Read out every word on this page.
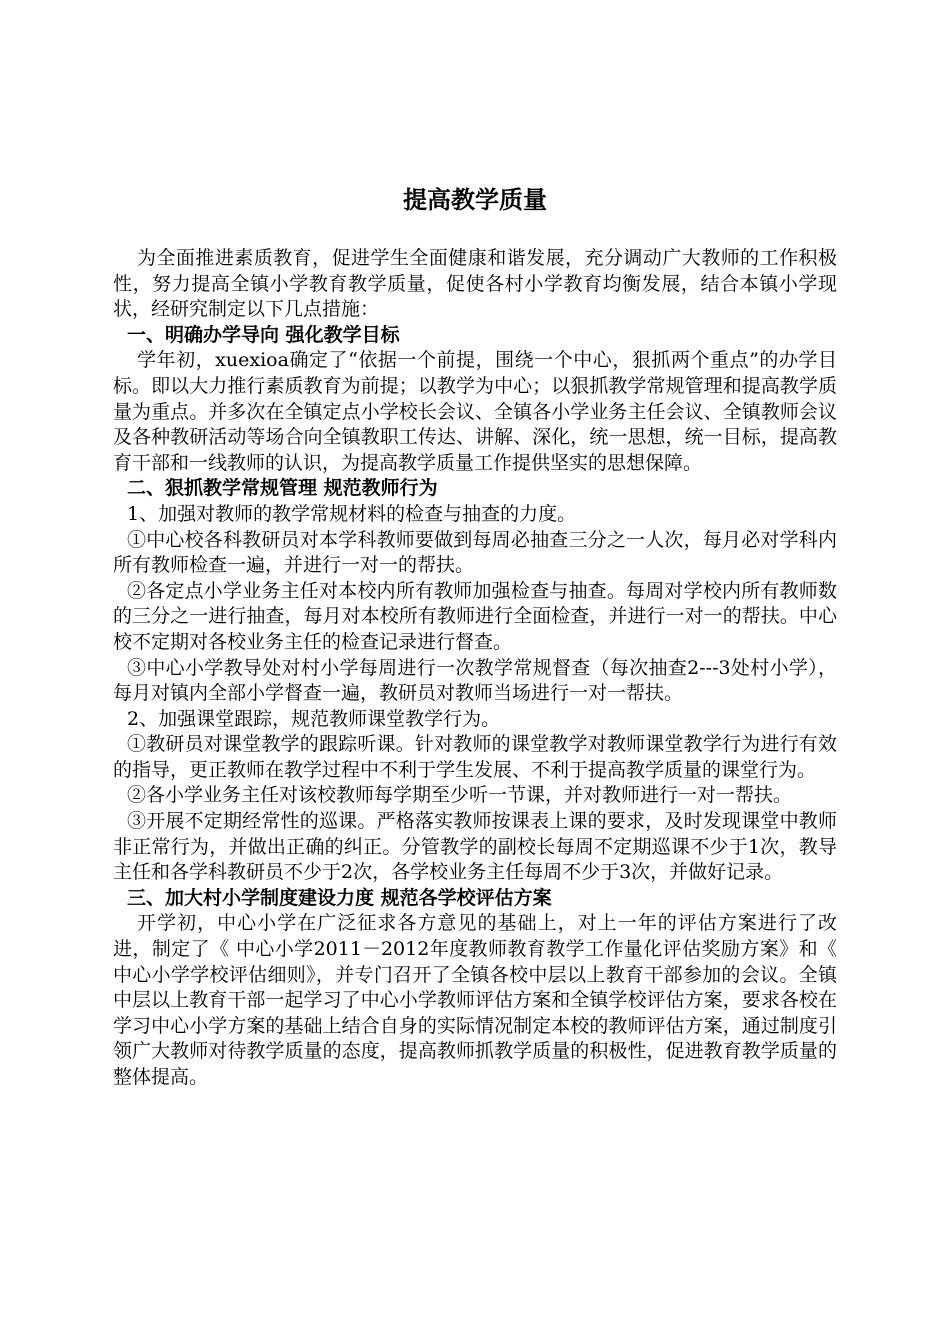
提高教学质量

为全面推进素质教育，促进学生全面健康和谐发展，充分调动广大教师的工作积极性，努力提高全镇小学教育教学质量，促使各村小学教育均衡发展，结合本镇小学现状，经研究制定以下几点措施：

一、明确办学导向 强化教学目标

学年初，xuexioa确定了“依据一个前提，围绕一个中心，狠抓两个重点”的办学目标。即以大力推行素质教育为前提；以教学为中心；以狠抓教学常规管理和提高教学质量为重点。并多次在全镇定点小学校长会议、全镇各小学业务主任会议、全镇教师会议及各种教研活动等场合向全镇教职工传达、讲解、深化，统一思想，统一目标，提高教育干部和一线教师的认识，为提高教学质量工作提供坚实的思想保障。

二、狠抓教学常规管理 规范教师行为

1、加强对教师的教学常规材料的检查与抽查的力度。

①中心校各科教研员对本学科教师要做到每周必抽查三分之一人次，每月必对学科内所有教师检查一遍，并进行一对一的帮扶。

②各定点小学业务主任对本校内所有教师加强检查与抽查。每周对学校内所有教师数的三分之一进行抽查，每月对本校所有教师进行全面检查，并进行一对一的帮扶。中心校不定期对各校业务主任的检查记录进行督查。

③中心小学教导处对村小学每周进行一次教学常规督查（每次抽查2---3处村小学），每月对镇内全部小学督查一遍，教研员对教师当场进行一对一帮扶。

2、加强课堂跟踪，规范教师课堂教学行为。

①教研员对课堂教学的跟踪听课。针对教师的课堂教学对教师课堂教学行为进行有效的指导，更正教师在教学过程中不利于学生发展、不利于提高教学质量的课堂行为。

②各小学业务主任对该校教师每学期至少听一节课，并对教师进行一对一帮扶。

③开展不定期经常性的巡课。严格落实教师按课表上课的要求，及时发现课堂中教师非正常行为，并做出正确的纠正。分管教学的副校长每周不定期巡课不少于1次，教导主任和各学科教研员不少于2次，各学校业务主任每周不少于3次，并做好记录。

三、加大村小学制度建设力度 规范各学校评估方案

开学初，中心小学在广泛征求各方意见的基础上，对上一年的评估方案进行了改进，制定了《 中心小学2011－2012年度教师教育教学工作量化评估奖励方案》和《 中心小学学校评估细则》，并专门召开了全镇各校中层以上教育干部参加的会议。全镇中层以上教育干部一起学习了中心小学教师评估方案和全镇学校评估方案，要求各校在学习中心小学方案的基础上结合自身的实际情况制定本校的教师评估方案，通过制度引领广大教师对待教学质量的态度，提高教师抓教学质量的积极性，促进教育教学质量的整体提高。
